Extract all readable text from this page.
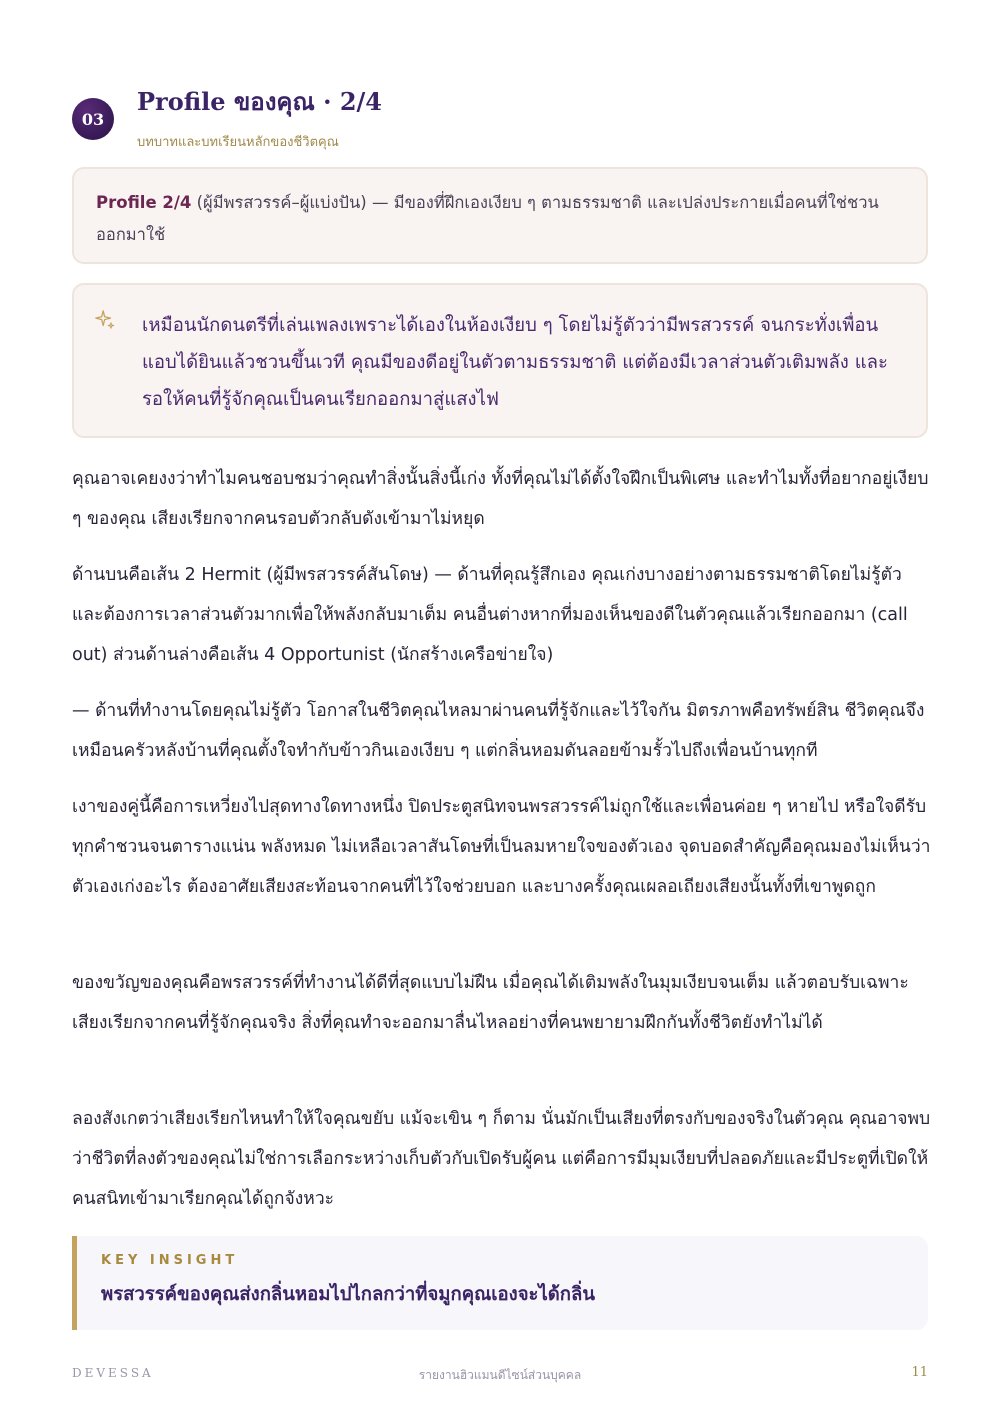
03
Profile ของคุณ · 2/4
บทบาทและบทเรียนหลักของชีวิตคุณ
Profile 2/4 (ผู้มีพรสวรรค์–ผู้แบ่งปัน) — มีของที่ฝึกเองเงียบ ๆ ตามธรรมชาติ และเปล่งประกายเมื่อคนที่ใช่ชวนออกมาใช้
เหมือนนักดนตรีที่เล่นเพลงเพราะได้เองในห้องเงียบ ๆ โดยไม่รู้ตัวว่ามีพรสวรรค์ จนกระทั่งเพื่อนแอบได้ยินแล้วชวนขึ้นเวที คุณมีของดีอยู่ในตัวตามธรรมชาติ แต่ต้องมีเวลาส่วนตัวเติมพลัง และรอให้คนที่รู้จักคุณเป็นคนเรียกออกมาสู่แสงไฟ

คุณอาจเคยงงว่าทำไมคนชอบชมว่าคุณทำสิ่งนั้นสิ่งนี้เก่ง ทั้งที่คุณไม่ได้ตั้งใจฝึกเป็นพิเศษ และทำไมทั้งที่อยากอยู่เงียบ ๆ ของคุณ เสียงเรียกจากคนรอบตัวกลับดังเข้ามาไม่หยุด

ด้านบนคือเส้น 2 Hermit (ผู้มีพรสวรรค์สันโดษ) — ด้านที่คุณรู้สึกเอง คุณเก่งบางอย่างตามธรรมชาติโดยไม่รู้ตัว และต้องการเวลาส่วนตัวมากเพื่อให้พลังกลับมาเต็ม คนอื่นต่างหากที่มองเห็นของดีในตัวคุณแล้วเรียกออกมา (call out) ส่วนด้านล่างคือเส้น 4 Opportunist (นักสร้างเครือข่ายใจ)

— ด้านที่ทำงานโดยคุณไม่รู้ตัว โอกาสในชีวิตคุณไหลมาผ่านคนที่รู้จักและไว้ใจกัน มิตรภาพคือทรัพย์สิน ชีวิตคุณจึงเหมือนครัวหลังบ้านที่คุณตั้งใจทำกับข้าวกินเองเงียบ ๆ แต่กลิ่นหอมดันลอยข้ามรั้วไปถึงเพื่อนบ้านทุกที

เงาของคู่นี้คือการเหวี่ยงไปสุดทางใดทางหนึ่ง ปิดประตูสนิทจนพรสวรรค์ไม่ถูกใช้และเพื่อนค่อย ๆ หายไป หรือใจดีรับทุกคำชวนจนตารางแน่น พลังหมด ไม่เหลือเวลาสันโดษที่เป็นลมหายใจของตัวเอง จุดบอดสำคัญคือคุณมองไม่เห็นว่าตัวเองเก่งอะไร ต้องอาศัยเสียงสะท้อนจากคนที่ไว้ใจช่วยบอก และบางครั้งคุณเผลอเถียงเสียงนั้นทั้งที่เขาพูดถูก

ของขวัญของคุณคือพรสวรรค์ที่ทำงานได้ดีที่สุดแบบไม่ฝืน เมื่อคุณได้เติมพลังในมุมเงียบจนเต็ม แล้วตอบรับเฉพาะเสียงเรียกจากคนที่รู้จักคุณจริง สิ่งที่คุณทำจะออกมาลื่นไหลอย่างที่คนพยายามฝึกกันทั้งชีวิตยังทำไม่ได้

ลองสังเกตว่าเสียงเรียกไหนทำให้ใจคุณขยับ แม้จะเขิน ๆ ก็ตาม นั่นมักเป็นเสียงที่ตรงกับของจริงในตัวคุณ คุณอาจพบว่าชีวิตที่ลงตัวของคุณไม่ใช่การเลือกระหว่างเก็บตัวกับเปิดรับผู้คน แต่คือการมีมุมเงียบที่ปลอดภัยและมีประตูที่เปิดให้คนสนิทเข้ามาเรียกคุณได้ถูกจังหวะ

KEY INSIGHT
พรสวรรค์ของคุณส่งกลิ่นหอมไปไกลกว่าที่จมูกคุณเองจะได้กลิ่น
DEVESSA	รายงานฮิวแมนดีไซน์ส่วนบุคคล	11
